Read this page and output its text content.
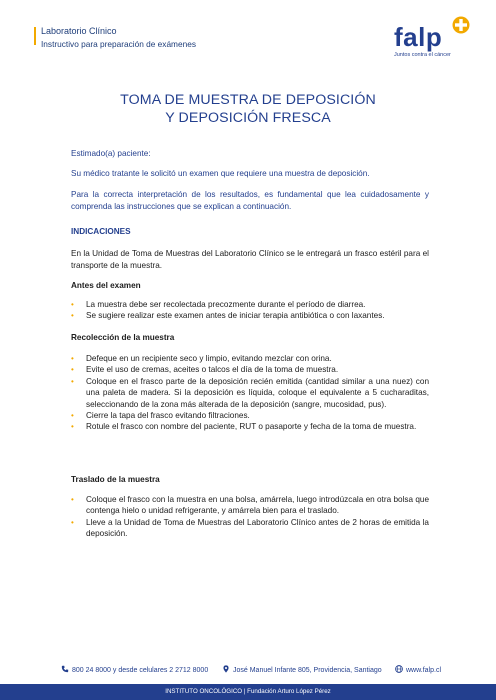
Laboratorio Clínico
Instructivo para preparación de exámenes	falp
Juntos contra el cáncer
TOMA DE MUESTRA DE DEPOSICIÓN
Y DEPOSICIÓN FRESCA
Estimado(a) paciente:
Su médico tratante le solicitó un examen que requiere una muestra de deposición.
Para la correcta interpretación de los resultados, es fundamental que lea cuidadosamente y comprenda las instrucciones que se explican a continuación.
INDICACIONES
En la Unidad de Toma de Muestras del Laboratorio Clínico se le entregará un frasco estéril para el transporte de la muestra.
Antes del examen
• La muestra debe ser recolectada precozmente durante el período de diarrea.
• Se sugiere realizar este examen antes de iniciar terapia antibiótica o con laxantes.
Recolección de la muestra
• Defeque en un recipiente seco y limpio, evitando mezclar con orina.
• Evite el uso de cremas, aceites o talcos el día de la toma de muestra.
• Coloque en el frasco parte de la deposición recién emitida (cantidad similar a una nuez) con una paleta de madera. Si la deposición es líquida, coloque el equivalente a 5 cucharaditas, seleccionando de la zona más alterada de la deposición (sangre, mucosidad, pus).
• Cierre la tapa del frasco evitando filtraciones.
• Rotule el frasco con nombre del paciente, RUT o pasaporte y fecha de la toma de muestra.
Traslado de la muestra
• Coloque el frasco con la muestra en una bolsa, amárrela, luego introdúzcala en otra bolsa que contenga hielo o unidad refrigerante, y amárrela bien para el traslado.
• Lleve a la Unidad de Toma de Muestras del Laboratorio Clínico antes de 2 horas de emitida la deposición.
800 24 8000 y desde celulares 2 2712 8000	José Manuel Infante 805, Providencia, Santiago	www.falp.cl
INSTITUTO ONCOLÓGICO | Fundación Arturo López Pérez
